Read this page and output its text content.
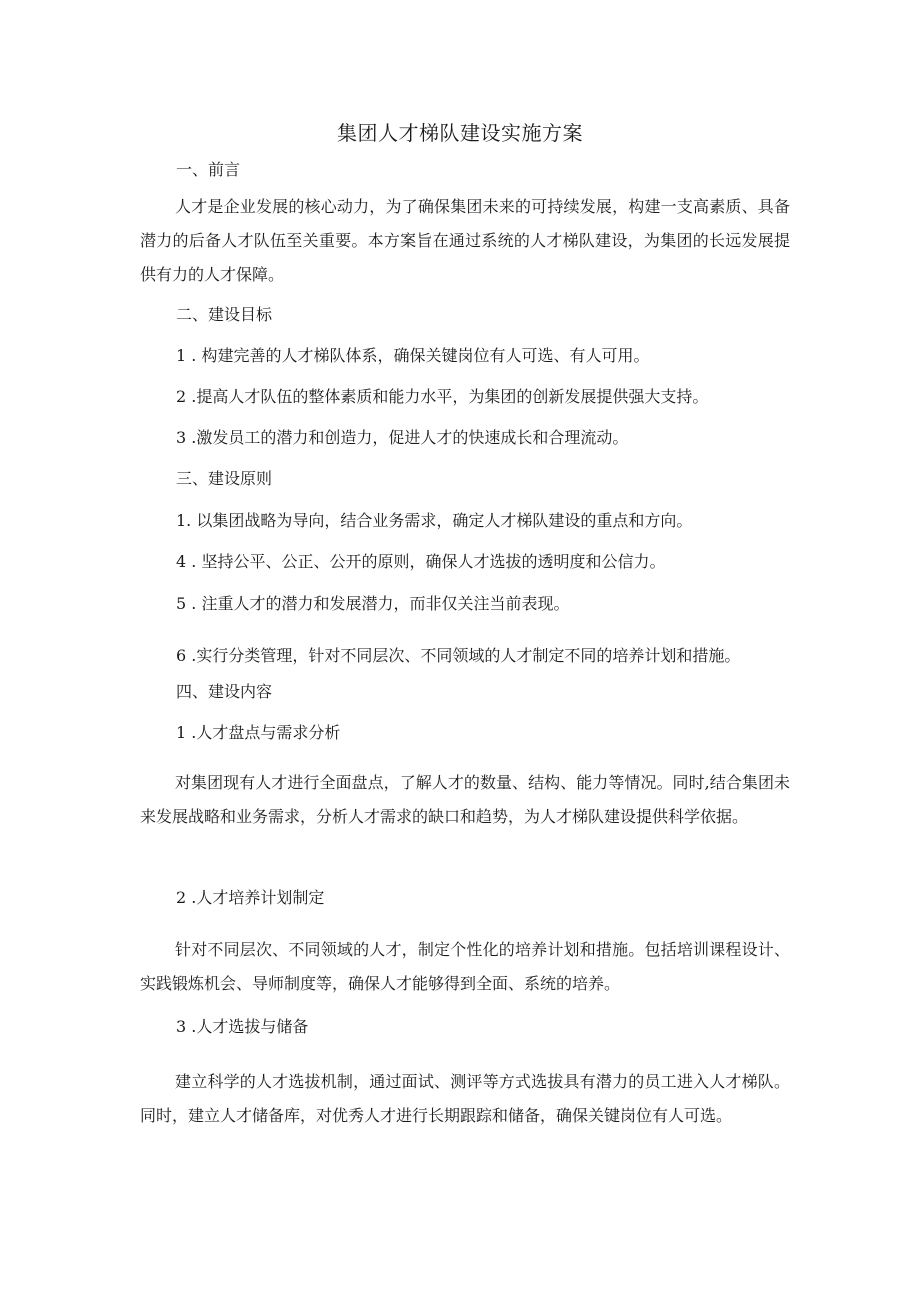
集团人才梯队建设实施方案
一、前言
人才是企业发展的核心动力，为了确保集团未来的可持续发展，构建一支高素质、具备潜力的后备人才队伍至关重要。本方案旨在通过系统的人才梯队建设，为集团的长远发展提供有力的人才保障。
二、建设目标
1 . 构建完善的人才梯队体系，确保关键岗位有人可选、有人可用。
2 .提高人才队伍的整体素质和能力水平，为集团的创新发展提供强大支持。
3 .激发员工的潜力和创造力，促进人才的快速成长和合理流动。
三、建设原则
1. 以集团战略为导向，结合业务需求，确定人才梯队建设的重点和方向。
4 . 坚持公平、公正、公开的原则，确保人才选拔的透明度和公信力。
5 . 注重人才的潜力和发展潜力，而非仅关注当前表现。
6 .实行分类管理，针对不同层次、不同领域的人才制定不同的培养计划和措施。
四、建设内容
1 .人才盘点与需求分析
对集团现有人才进行全面盘点，了解人才的数量、结构、能力等情况。同时,结合集团未来发展战略和业务需求，分析人才需求的缺口和趋势，为人才梯队建设提供科学依据。
2 .人才培养计划制定
针对不同层次、不同领域的人才，制定个性化的培养计划和措施。包括培训课程设计、实践锻炼机会、导师制度等，确保人才能够得到全面、系统的培养。
3 .人才选拔与储备
建立科学的人才选拔机制，通过面试、测评等方式选拔具有潜力的员工进入人才梯队。同时，建立人才储备库，对优秀人才进行长期跟踪和储备，确保关键岗位有人可选。
